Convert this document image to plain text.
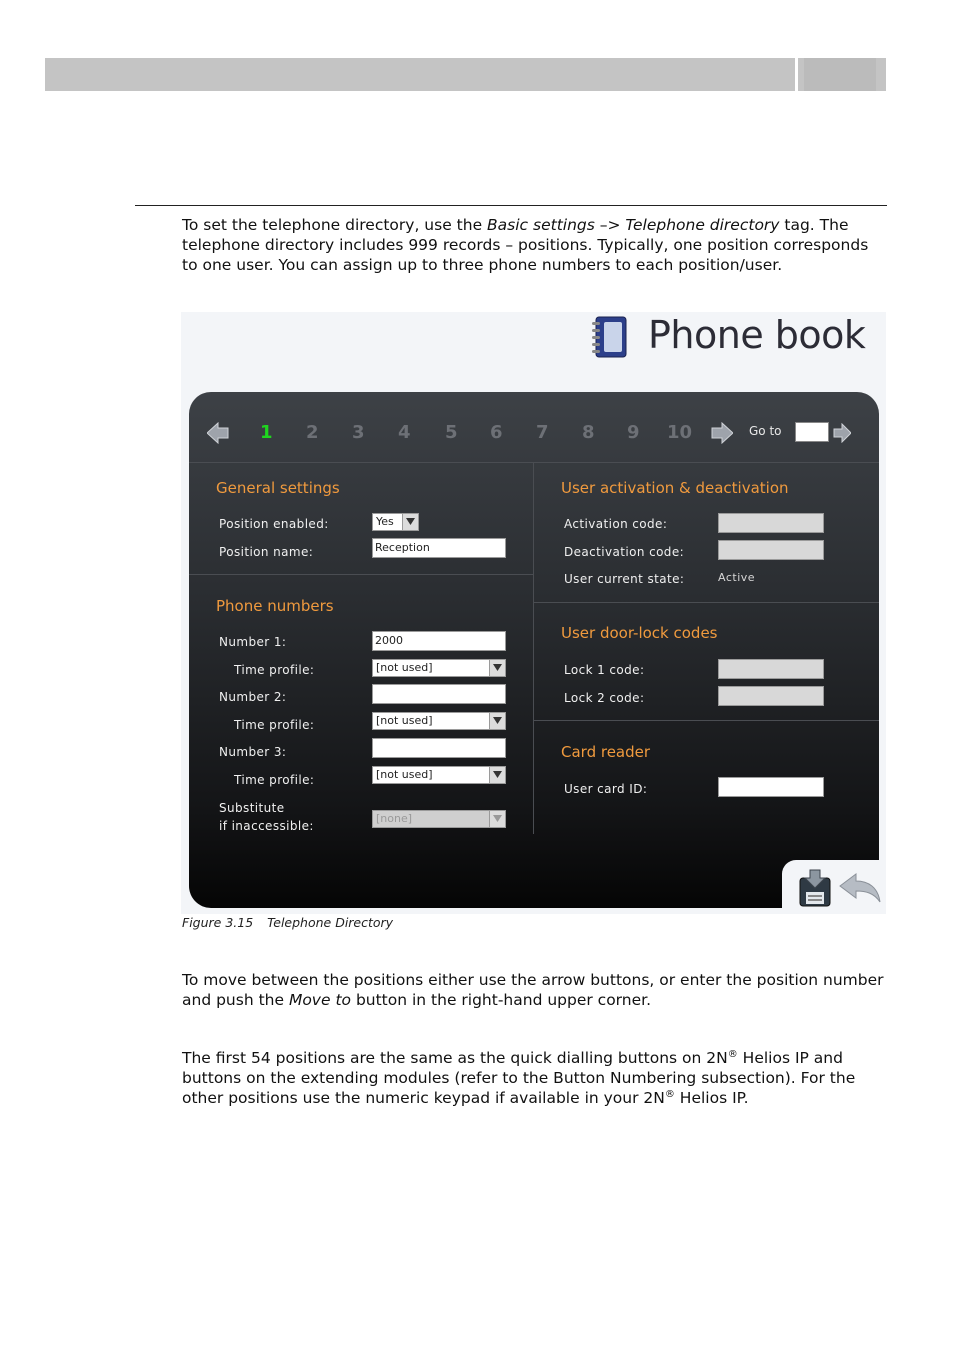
To set the telephone directory, use the Basic settings –> Telephone directory tag. The telephone directory includes 999 records – positions. Typically, one position corresponds to one user. You can assign up to three phone numbers to each position/user.
Phone book
1 2 3 4 5 6 7 8 9 10	Go to
General settings
Position enabled:	Yes
Position name:	Reception
Phone numbers
Number 1:	2000
Time profile:	[not used]
Number 2:
Time profile:	[not used]
Number 3:
Time profile:	[not used]
Substitute
if inaccessible:
[none]
User activation & deactivation
Activation code:
Deactivation code:
User current state:	Active
User door-lock codes
Lock 1 code:
Lock 2 code:
Card reader
User card ID:
Figure 3.15 Telephone Directory
To move between the positions either use the arrow buttons, or enter the position number and push the Move to button in the right-hand upper corner.
The first 54 positions are the same as the quick dialling buttons on 2N® Helios IP and buttons on the extending modules (refer to the Button Numbering subsection). For the other positions use the numeric keypad if available in your 2N® Helios IP.
